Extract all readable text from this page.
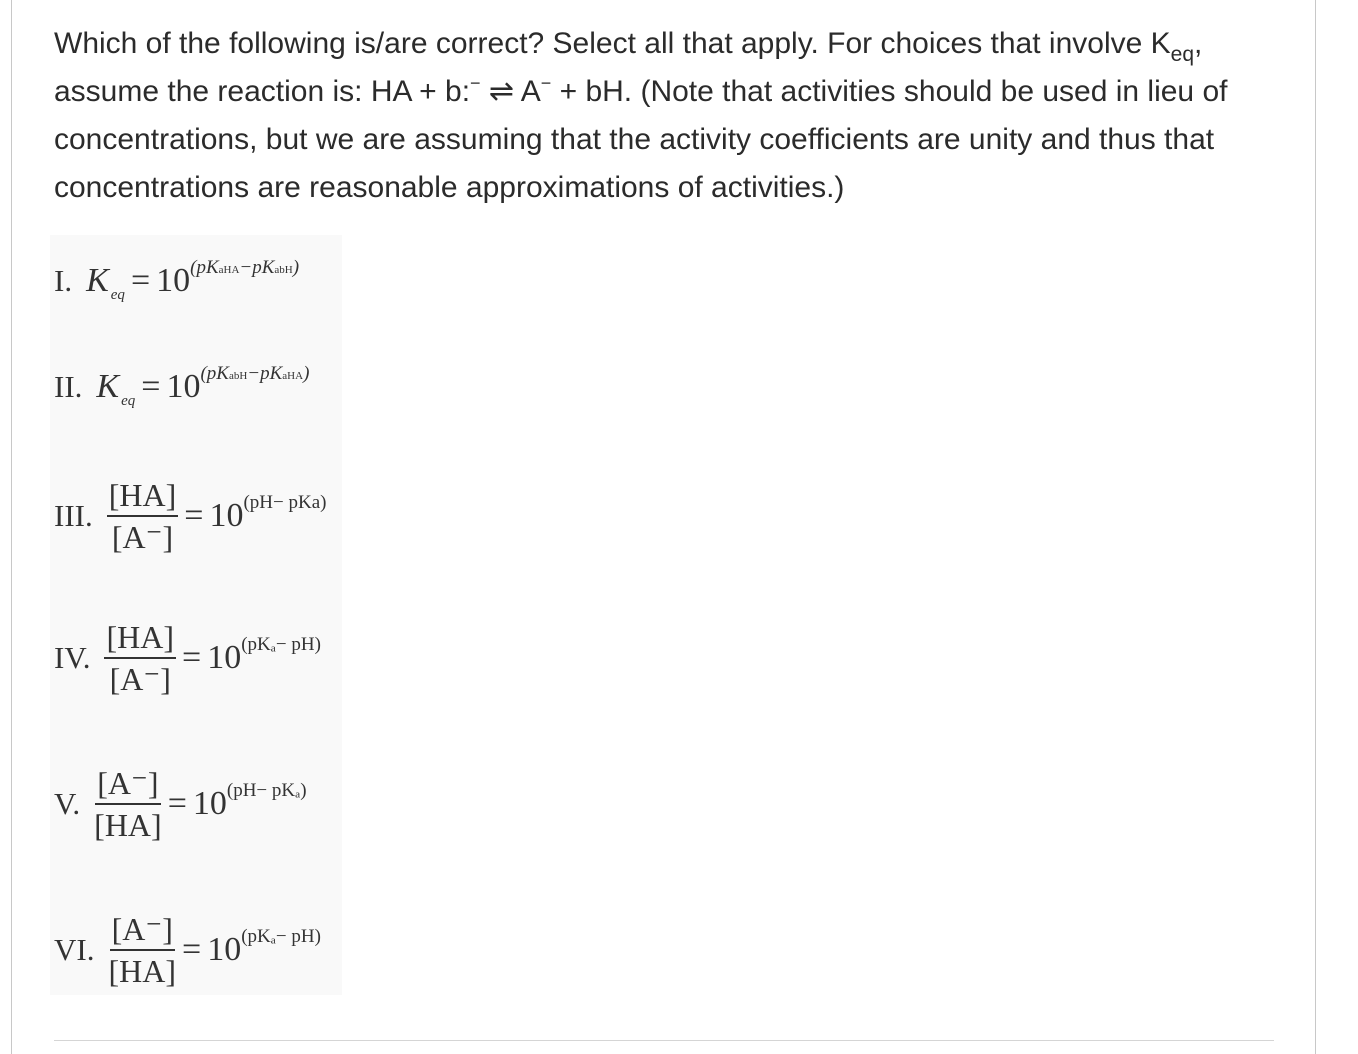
Which of the following is/are correct? Select all that apply. For choices that involve $K_{eq}$, assume the reaction is: HA + b:− ⇌ A− + bH. (Note that activities should be used in lieu of concentrations, but we are assuming that the activity coefficients are unity and thus that concentrations are reasonable approximations of activities.)
I. K eq = 10 (pKaHA−pKabH)
II. K eq = 10 (pKabH−pKaHA)
III. $\frac{[HA]}{[A^-]} = 10$ (pH− pKa)
IV. $\frac{[HA]}{[A^-]} = 10$ (pKₐ− pH)
V. $\frac{[A^-]}{[HA]} = 10$ (pH− pKₐ)
VI. $\frac{[A^-]}{[HA]} = 10$ (pKₐ− pH)
